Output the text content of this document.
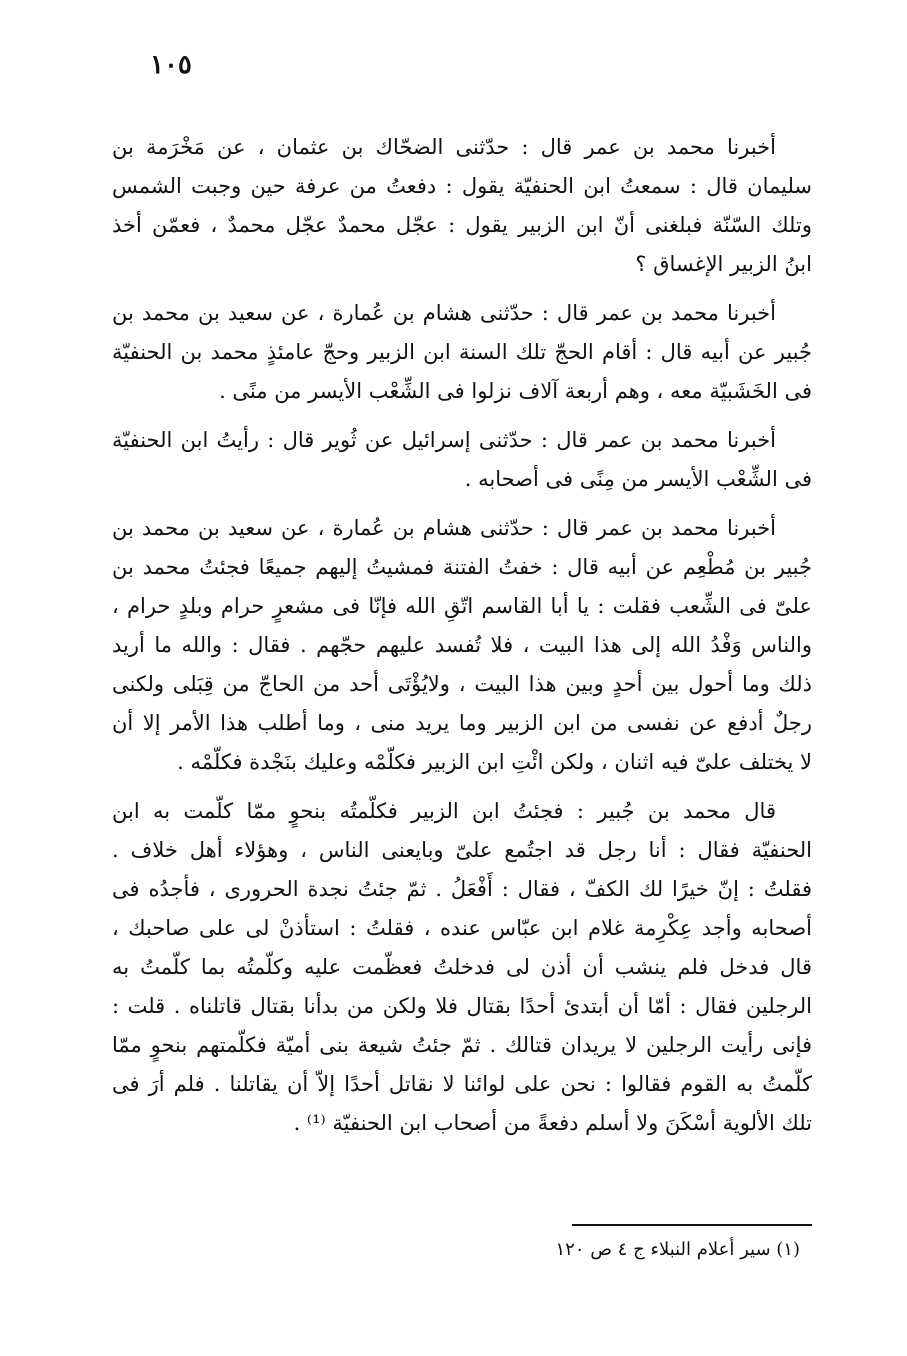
١٠٥
أخبرنا محمد بن عمر قال : حدّثنى الضحّاك بن عثمان ، عن مَخْرَمة بن
سليمان قال : سمعتُ ابن الحنفيّة يقول : دفعتُ من عرفة حين وجبت الشمس
وتلك السّنّة فبلغنى أنّ ابن الزبير يقول : عجّل محمدٌ عجّل محمدٌ ، فعمّن أخذ
ابنُ الزبير الإغساق ؟
أخبرنا محمد بن عمر قال : حدّثنى هشام بن عُمارة ، عن سعيد بن محمد بن
جُبير عن أبيه قال : أقام الحجّ تلك السنة ابن الزبير وحجّ عامئذٍ محمد بن الحنفيّة
فى الخَشَبيّة معه ، وهم أربعة آلاف نزلوا فى الشِّعْب الأيسر من منًى .
أخبرنا محمد بن عمر قال : حدّثنى إسرائيل عن ثُوير قال : رأيتُ ابن الحنفيّة
فى الشِّعْب الأيسر من مِنًى فى أصحابه .
أخبرنا محمد بن عمر قال : حدّثنى هشام بن عُمارة ، عن سعيد بن محمد بن
جُبير بن مُطْعِم عن أبيه قال : خفتُ الفتنة فمشيتُ إليهم جميعًا فجئتُ محمد بن
علىّ فى الشِّعب فقلت : يا أبا القاسم اتّقِ الله فإنّا فى مشعرٍ حرام وبلدٍ حرام ،
والناس وَفْدُ الله إلى هذا البيت ، فلا تُفسد عليهم حجّهم . فقال : والله ما أريد
ذلك وما أحول بين أحدٍ وبين هذا البيت ، ولايُؤْتَى أحد من الحاجّ من قِبَلى ولكنى
رجلٌ أدفع عن نفسى من ابن الزبير وما يريد منى ، وما أطلب هذا الأمر إلا أن
لا يختلف علىّ فيه اثنان ، ولكن ائْتِ ابن الزبير فكلّمْه وعليك بنَجْدة فكلّمْه .
قال محمد بن جُبير : فجئتُ ابن الزبير فكلّمتُه بنحوٍ ممّا كلّمت به ابن
الحنفيّة فقال : أنا رجل قد اجتُمع علىّ وبايعنى الناس ، وهؤلاء أهل خلاف .
فقلتُ : إنّ خيرًا لك الكفّ ، فقال : أَفْعَلُ . ثمّ جئتُ نجدة الحرورى ، فأجدُه فى
أصحابه وأجد عِكْرِمة غلام ابن عبّاس عنده ، فقلتُ : استأذنْ لى على صاحبك ،
قال فدخل فلم ينشب أن أذن لى فدخلتُ فعظّمت عليه وكلّمتُه بما كلّمتُ به
الرجلين فقال : أمّا أن أبتدئ أحدًا بقتال فلا ولكن من بدأنا بقتال قاتلناه . قلت :
فإنى رأيت الرجلين لا يريدان قتالك . ثمّ جئتُ شيعة بنى أميّة فكلّمتهم بنحوٍ ممّا
كلّمتُ به القوم فقالوا : نحن على لوائنا لا نقاتل أحدًا إلاّ أن يقاتلنا . فلم أرَ فى
تلك الألوية أسْكَنَ ولا أسلم دفعةً من أصحاب ابن الحنفيّة ⁽¹⁾ .
(١) سير أعلام النبلاء ج ٤ ص ١٢٠
